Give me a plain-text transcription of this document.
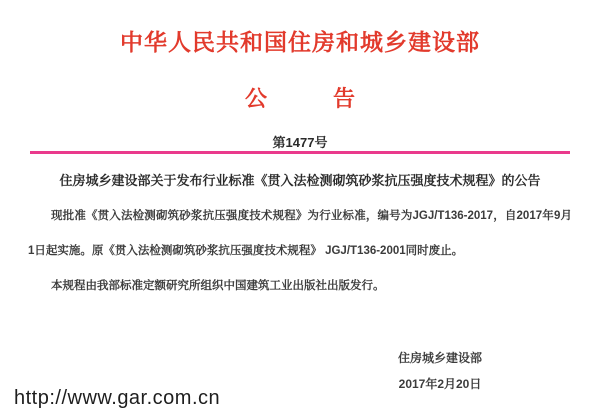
中华人民共和国住房和城乡建设部
公　　　告
第1477号
住房城乡建设部关于发布行业标准《贯入法检测砌筑砂浆抗压强度技术规程》的公告

现批准《贯入法检测砌筑砂浆抗压强度技术规程》为行业标准，编号为JGJ/T136-2017，自2017年9月1日起实施。原《贯入法检测砌筑砂浆抗压强度技术规程》 JGJ/T136-2001同时废止。

本规程由我部标准定额研究所组织中国建筑工业出版社出版发行。

住房城乡建设部
2017年2月20日
http://www.gar.com.cn
